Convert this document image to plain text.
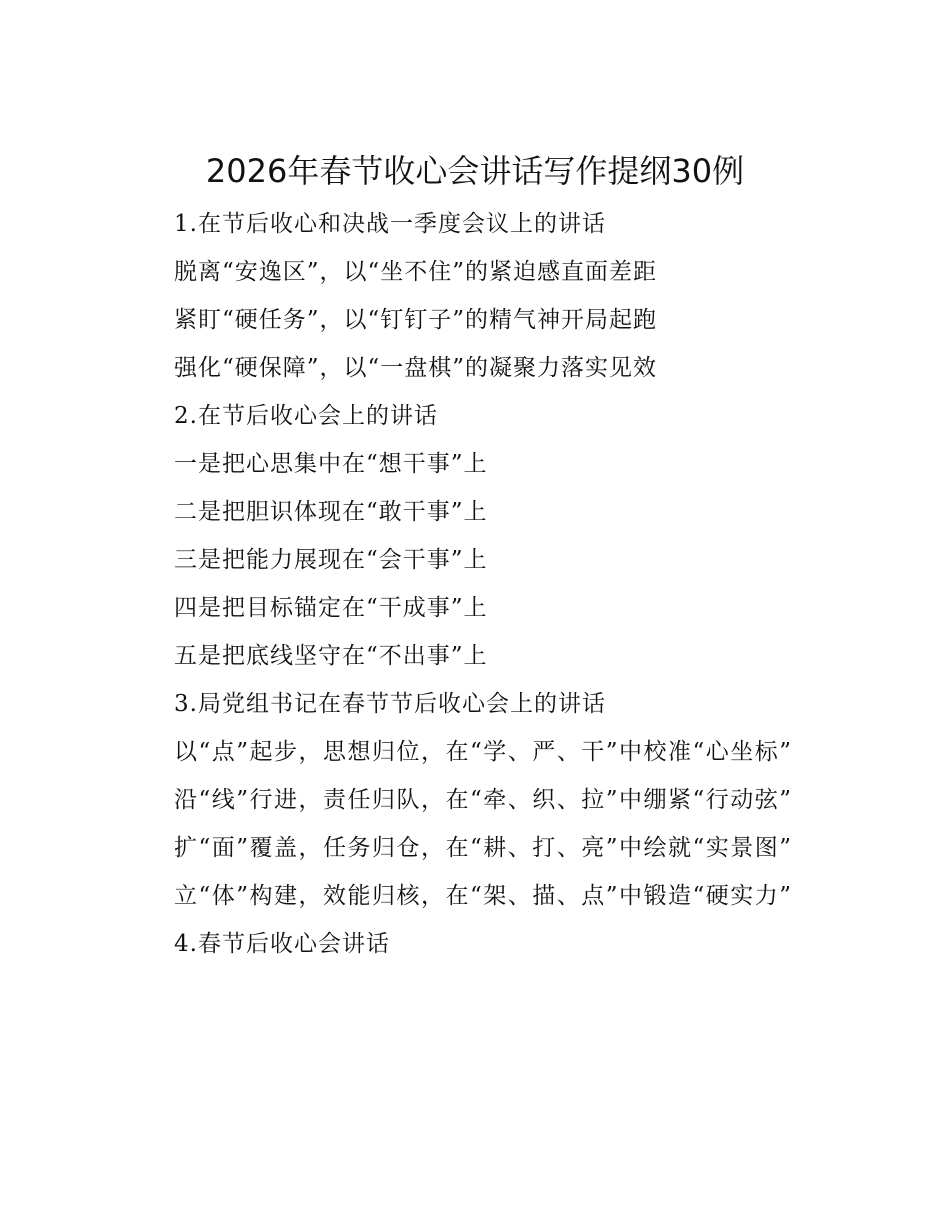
2026年春节收心会讲话写作提纲30例

1.在节后收心和决战一季度会议上的讲话

脱离“安逸区”，以“坐不住”的紧迫感直面差距

紧盯“硬任务”，以“钉钉子”的精气神开局起跑

强化“硬保障”，以“一盘棋”的凝聚力落实见效

2.在节后收心会上的讲话

一是把心思集中在“想干事”上

二是把胆识体现在“敢干事”上

三是把能力展现在“会干事”上

四是把目标锚定在“干成事”上

五是把底线坚守在“不出事”上

3.局党组书记在春节节后收心会上的讲话

以“点”起步，思想归位，在“学、严、干”中校准“心坐标”

沿“线”行进，责任归队，在“牵、织、拉”中绷紧“行动弦”

扩“面”覆盖，任务归仓，在“耕、打、亮”中绘就“实景图”

立“体”构建，效能归核，在“架、描、点”中锻造“硬实力”

4.春节后收心会讲话
